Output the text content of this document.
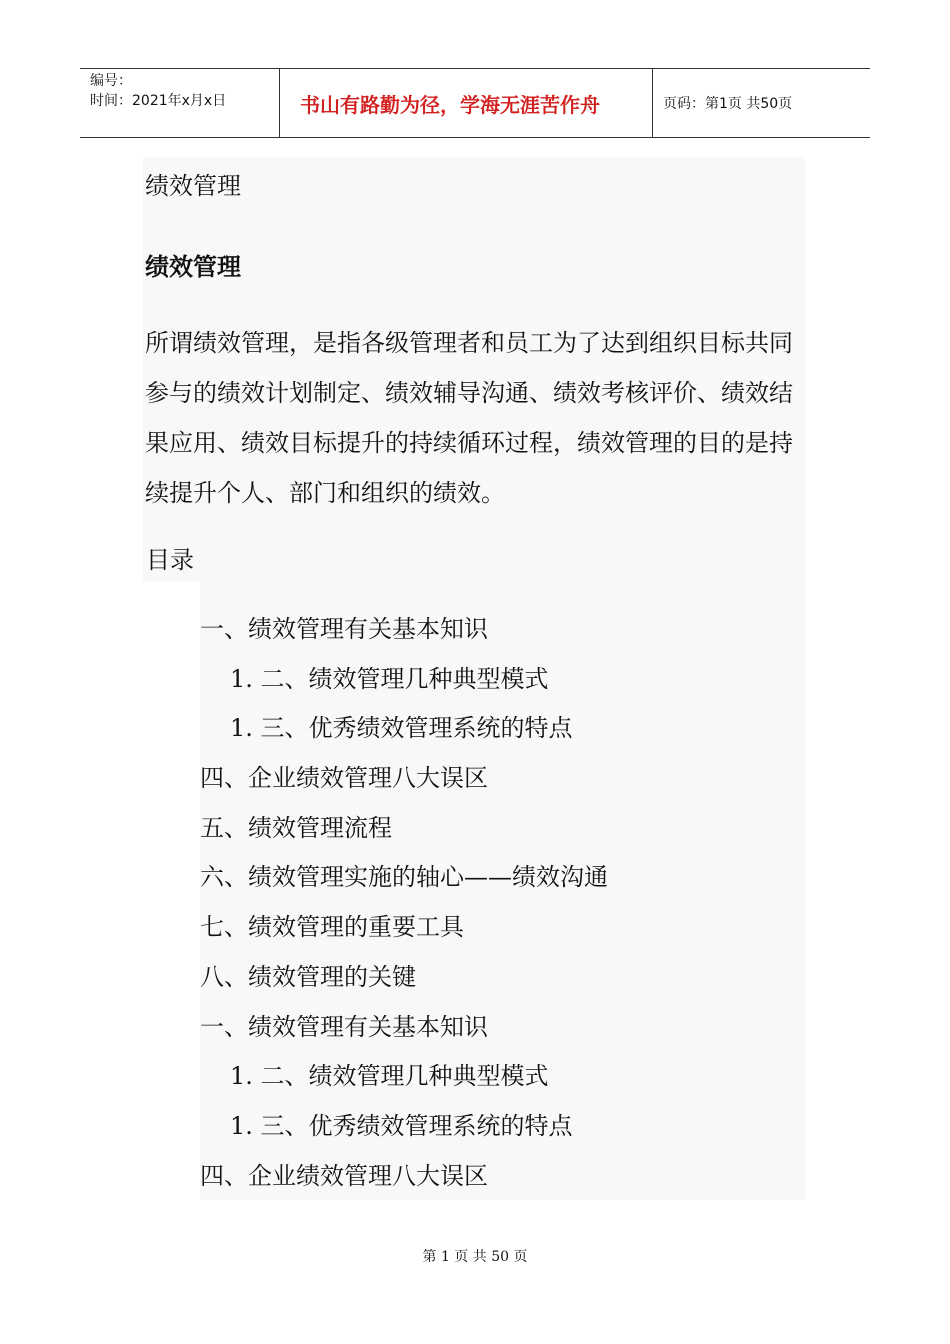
编号：
时间：2021年x月x日	书山有路勤为径，学海无涯苦作舟	页码：第1页 共50页
绩效管理
绩效管理
所谓绩效管理，是指各级管理者和员工为了达到组织目标共同参与的绩效计划制定、绩效辅导沟通、绩效考核评价、绩效结果应用、绩效目标提升的持续循环过程，绩效管理的目的是持续提升个人、部门和组织的绩效。
目录
一、绩效管理有关基本知识
1. 二、绩效管理几种典型模式
1. 三、优秀绩效管理系统的特点
四、企业绩效管理八大误区
五、绩效管理流程
六、绩效管理实施的轴心——绩效沟通
七、绩效管理的重要工具
八、绩效管理的关键
一、绩效管理有关基本知识
1. 二、绩效管理几种典型模式
1. 三、优秀绩效管理系统的特点
四、企业绩效管理八大误区
第 1 页 共 50 页
